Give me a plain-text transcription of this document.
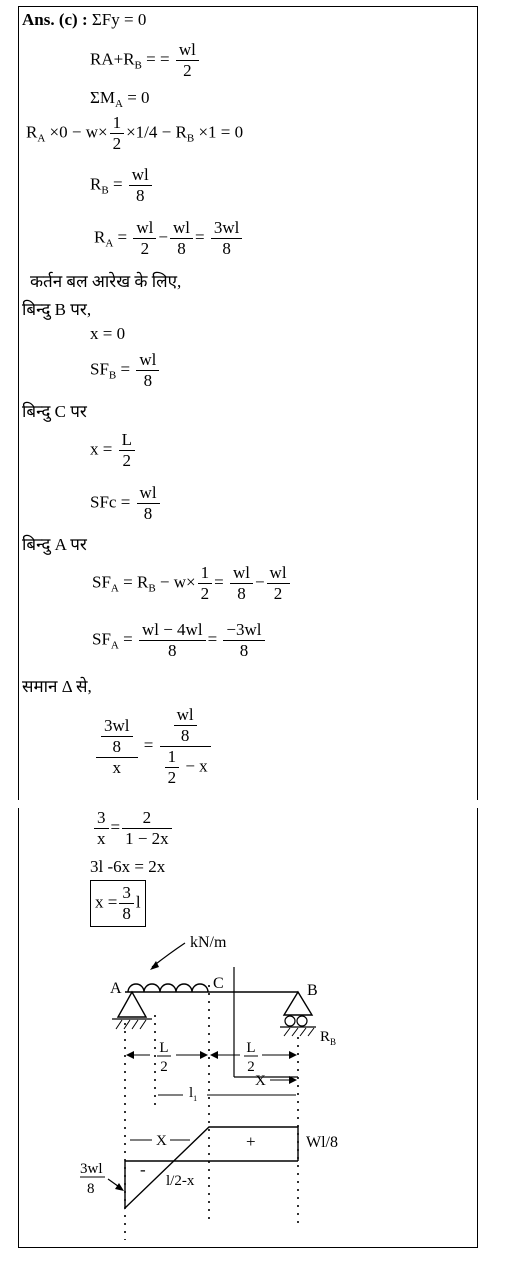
Ans. (c) : ΣFy = 0
$RA+R_B$ = = $\frac{wl}{2}$
$\Sigma M_A = 0$
$R_A \times 0 - w\times \frac{1}{2} \times 1/4 - R_B \times 1 = 0$
$R_B = \frac{wl}{8}$
$R_A = \frac{wl}{2} - \frac{wl}{8} = \frac{3wl}{8}$
कर्तन बल आरेख के लिए,
बिन्दु B पर,
x = 0
$SF_B = \frac{wl}{8}$
बिन्दु C पर
$x = \frac{L}{2}$
SFc = $\frac{wl}{8}$
बिन्दु A पर
$SF_A = R_B - w\times \frac{1}{2} = \frac{wl}{8} - \frac{wl}{2}$
$SF_A = \frac{wl - 4wl}{8} = \frac{-3wl}{8}$
समान Δ से,
$\frac{\frac{3wl}{8}}{x} = \frac{\frac{wl}{8}}{\frac{1}{2} - x}$
$\frac{3}{x} = \frac{2}{1 - 2x}$
3l -6x = 2x
$x = \frac{3}{8}$ l
kN/m
A	C	B
$R_B$
L
2
L
2
X
$l_1$
+
-
Wl/8
X
l/2-x
3wl
8
